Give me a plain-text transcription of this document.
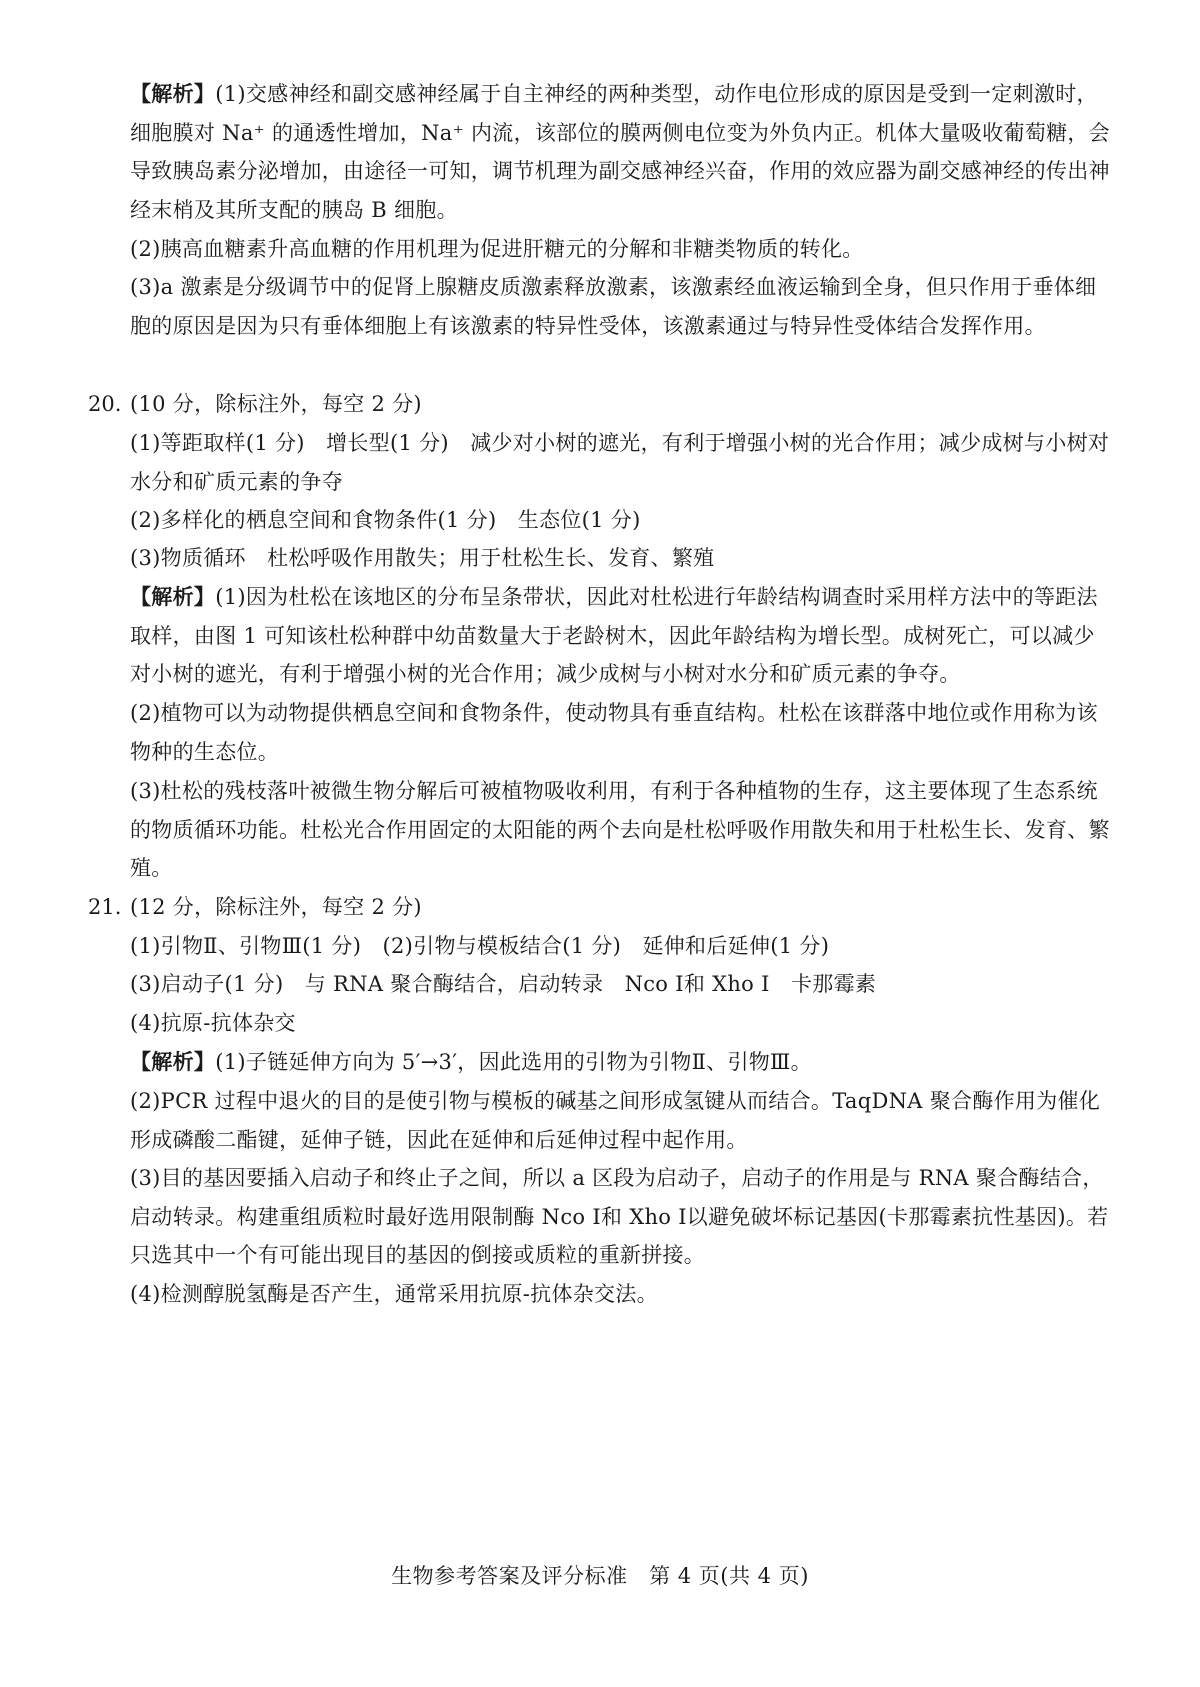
【解析】(1)交感神经和副交感神经属于自主神经的两种类型，动作电位形成的原因是受到一定刺激时，细胞膜对 Na⁺ 的通透性增加，Na⁺ 内流，该部位的膜两侧电位变为外负内正。机体大量吸收葡萄糖，会导致胰岛素分泌增加，由途径一可知，调节机理为副交感神经兴奋，作用的效应器为副交感神经的传出神经末梢及其所支配的胰岛 B 细胞。
(2)胰高血糖素升高血糖的作用机理为促进肝糖元的分解和非糖类物质的转化。
(3)a 激素是分级调节中的促肾上腺糖皮质激素释放激素，该激素经血液运输到全身，但只作用于垂体细胞的原因是因为只有垂体细胞上有该激素的特异性受体，该激素通过与特异性受体结合发挥作用。
20. (10 分，除标注外，每空 2 分)
(1)等距取样(1 分)　增长型(1 分)　减少对小树的遮光，有利于增强小树的光合作用；减少成树与小树对水分和矿质元素的争夺
(2)多样化的栖息空间和食物条件(1 分)　生态位(1 分)
(3)物质循环　杜松呼吸作用散失；用于杜松生长、发育、繁殖
【解析】(1)因为杜松在该地区的分布呈条带状，因此对杜松进行年龄结构调查时采用样方法中的等距法取样，由图 1 可知该杜松种群中幼苗数量大于老龄树木，因此年龄结构为增长型。成树死亡，可以减少对小树的遮光，有利于增强小树的光合作用；减少成树与小树对水分和矿质元素的争夺。
(2)植物可以为动物提供栖息空间和食物条件，使动物具有垂直结构。杜松在该群落中地位或作用称为该物种的生态位。
(3)杜松的残枝落叶被微生物分解后可被植物吸收利用，有利于各种植物的生存，这主要体现了生态系统的物质循环功能。杜松光合作用固定的太阳能的两个去向是杜松呼吸作用散失和用于杜松生长、发育、繁殖。
21. (12 分，除标注外，每空 2 分)
(1)引物Ⅱ、引物Ⅲ(1 分)　(2)引物与模板结合(1 分)　延伸和后延伸(1 分)
(3)启动子(1 分)　与 RNA 聚合酶结合，启动转录　Nco Ⅰ和 Xho Ⅰ　卡那霉素
(4)抗原-抗体杂交
【解析】(1)子链延伸方向为 5′→3′，因此选用的引物为引物Ⅱ、引物Ⅲ。
(2)PCR 过程中退火的目的是使引物与模板的碱基之间形成氢键从而结合。TaqDNA 聚合酶作用为催化形成磷酸二酯键，延伸子链，因此在延伸和后延伸过程中起作用。
(3)目的基因要插入启动子和终止子之间，所以 a 区段为启动子，启动子的作用是与 RNA 聚合酶结合，启动转录。构建重组质粒时最好选用限制酶 Nco Ⅰ和 Xho Ⅰ以避免破坏标记基因(卡那霉素抗性基因)。若只选其中一个有可能出现目的基因的倒接或质粒的重新拼接。
(4)检测醇脱氢酶是否产生，通常采用抗原-抗体杂交法。
生物参考答案及评分标准　第 4 页(共 4 页)
